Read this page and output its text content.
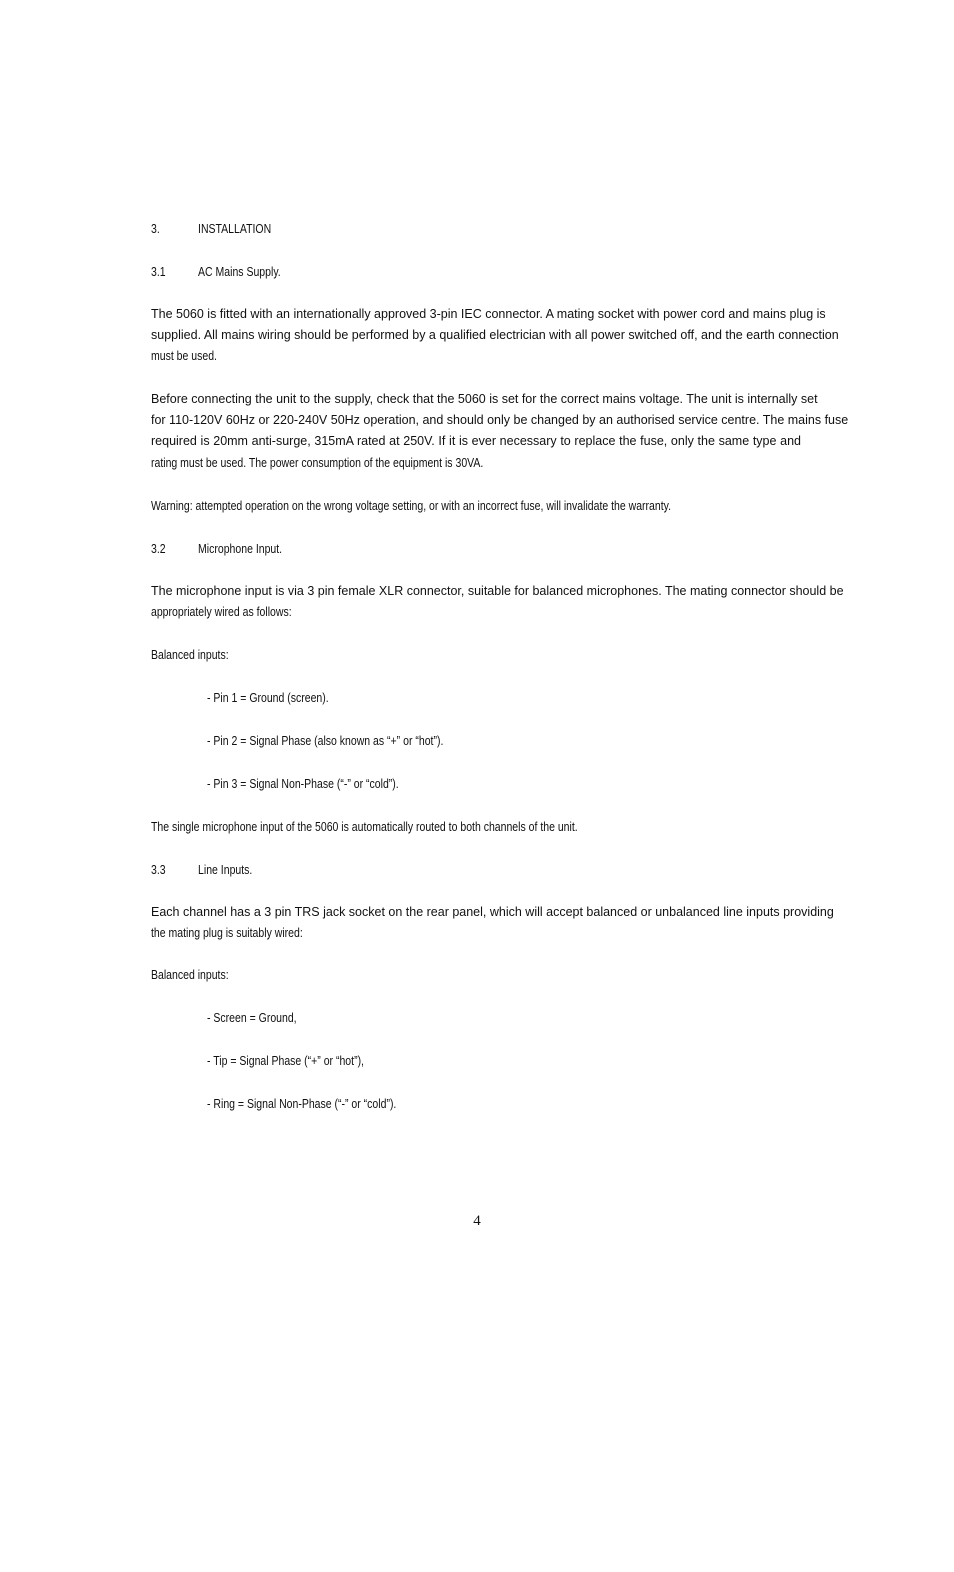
3.	INSTALLATION
3.1	AC Mains Supply.
The 5060 is fitted with an internationally approved 3-pin IEC connector. A mating socket with power cord and mains plug is
supplied. All mains wiring should be performed by a qualified electrician with all power switched off, and the earth connection
must be used.
Before connecting the unit to the supply, check that the 5060 is set for the correct mains voltage. The unit is internally set
for 110-120V 60Hz or 220-240V 50Hz operation, and should only be changed by an authorised service centre. The mains fuse
required is 20mm anti-surge, 315mA rated at 250V. If it is ever necessary to replace the fuse, only the same type and
rating must be used. The power consumption of the equipment is 30VA.
Warning: attempted operation on the wrong voltage setting, or with an incorrect fuse, will invalidate the warranty.
3.2	Microphone Input.
The microphone input is via 3 pin female XLR connector, suitable for balanced microphones. The mating connector should be
appropriately wired as follows:
Balanced inputs:
- Pin 1 = Ground (screen).
- Pin 2 = Signal Phase (also known as “+” or “hot”).
- Pin 3 = Signal Non-Phase (“-” or “cold”).
The single microphone input of the 5060 is automatically routed to both channels of the unit.
3.3	Line Inputs.
Each channel has a 3 pin TRS jack socket on the rear panel, which will accept balanced or unbalanced line inputs providing
the mating plug is suitably wired:
Balanced inputs:
- Screen = Ground,
- Tip = Signal Phase (“+” or “hot”),
- Ring = Signal Non-Phase (“-” or “cold”).
4
